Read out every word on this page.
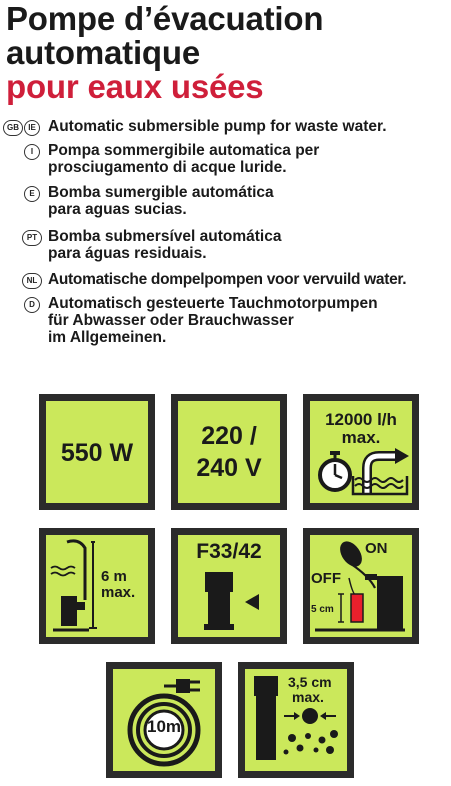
Pompe d’évacuation
automatique
pour eaux usées
GB	IE Automatic submersible pump for waste water.
I Pompa sommergibile automatica per
prosciugamento di acque luride.
E Bomba sumergible automática
para aguas sucias.
PT Bomba submersível automática
para águas residuais.
NL Automatische dompelpompen voor vervuild water.
D Automatisch gesteuerte Tauchmotorpumpen
für Abwasser oder Brauchwasser
im Allgemeinen.
550 W
220 /
240 V
12000 l/h
max.
6 m
max.
F33/42	ON
OFF
5 cm
10m
3,5 cm
max.
